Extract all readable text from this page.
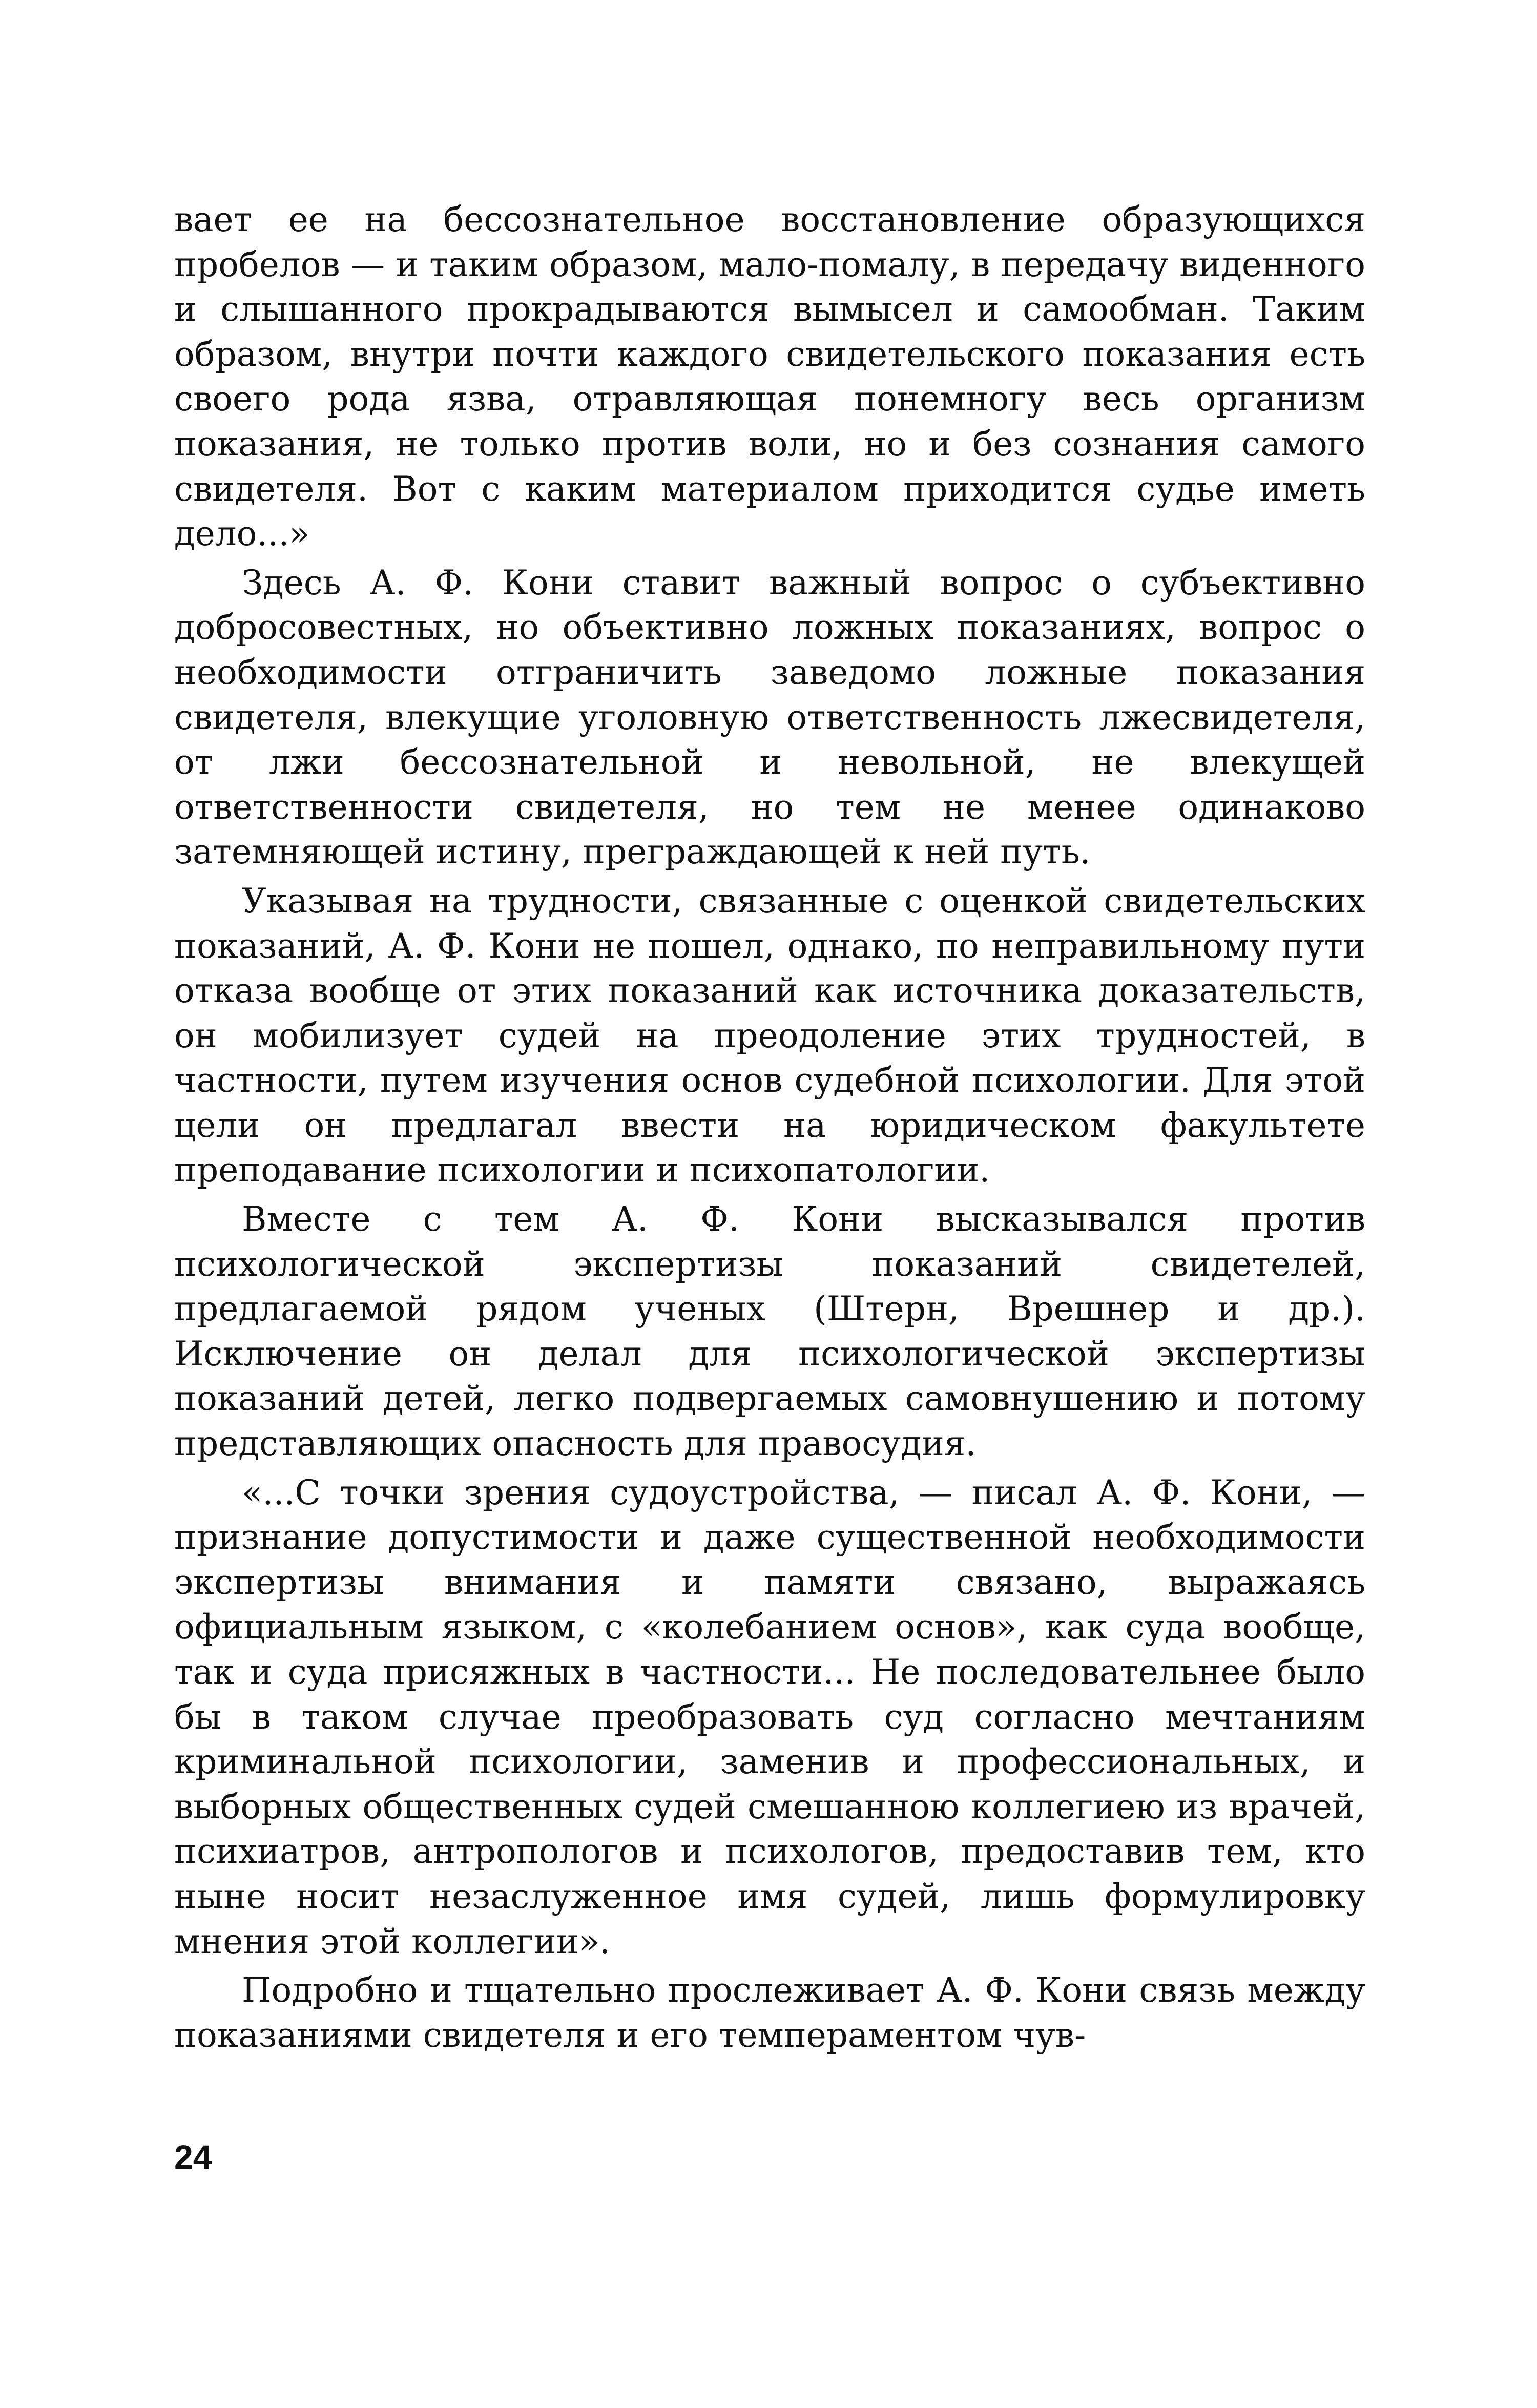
вает ее на бессознательное восстановление образующихся пробелов — и таким образом, мало-помалу, в передачу виденного и слышанного прокрадываются вымысел и самообман. Таким образом, внутри почти каждого свидетельского показания есть своего рода язва, отравляющая понемногу весь организм показания, не только против воли, но и без сознания самого свидетеля. Вот с каким материалом приходится судье иметь дело...»

Здесь А. Ф. Кони ставит важный вопрос о субъективно добросовестных, но объективно ложных показаниях, вопрос о необходимости отграничить заведомо ложные показания свидетеля, влекущие уголовную ответственность лжесвидетеля, от лжи бессознательной и невольной, не влекущей ответственности свидетеля, но тем не менее одинаково затемняющей истину, преграждающей к ней путь.

Указывая на трудности, связанные с оценкой свидетельских показаний, А. Ф. Кони не пошел, однако, по неправильному пути отказа вообще от этих показаний как источника доказательств, он мобилизует судей на преодоление этих трудностей, в частности, путем изучения основ судебной психологии. Для этой цели он предлагал ввести на юридическом факультете преподавание психологии и психопатологии.

Вместе с тем А. Ф. Кони высказывался против психологической экспертизы показаний свидетелей, предлагаемой рядом ученых (Штерн, Врешнер и др.). Исключение он делал для психологической экспертизы показаний детей, легко подвергаемых самовнушению и потому представляющих опасность для правосудия.

«...С точки зрения судоустройства, — писал А. Ф. Кони, — признание допустимости и даже существенной необходимости экспертизы внимания и памяти связано, выражаясь официальным языком, с «колебанием основ», как суда вообще, так и суда присяжных в частности... Не последовательнее было бы в таком случае преобразовать суд согласно мечтаниям криминальной психологии, заменив и профессиональных, и выборных общественных судей смешанною коллегиею из врачей, психиатров, антропологов и психологов, предоставив тем, кто ныне носит незаслуженное имя судей, лишь формулировку мнения этой коллегии».

Подробно и тщательно прослеживает А. Ф. Кони связь между показаниями свидетеля и его темпераментом чув-

24
